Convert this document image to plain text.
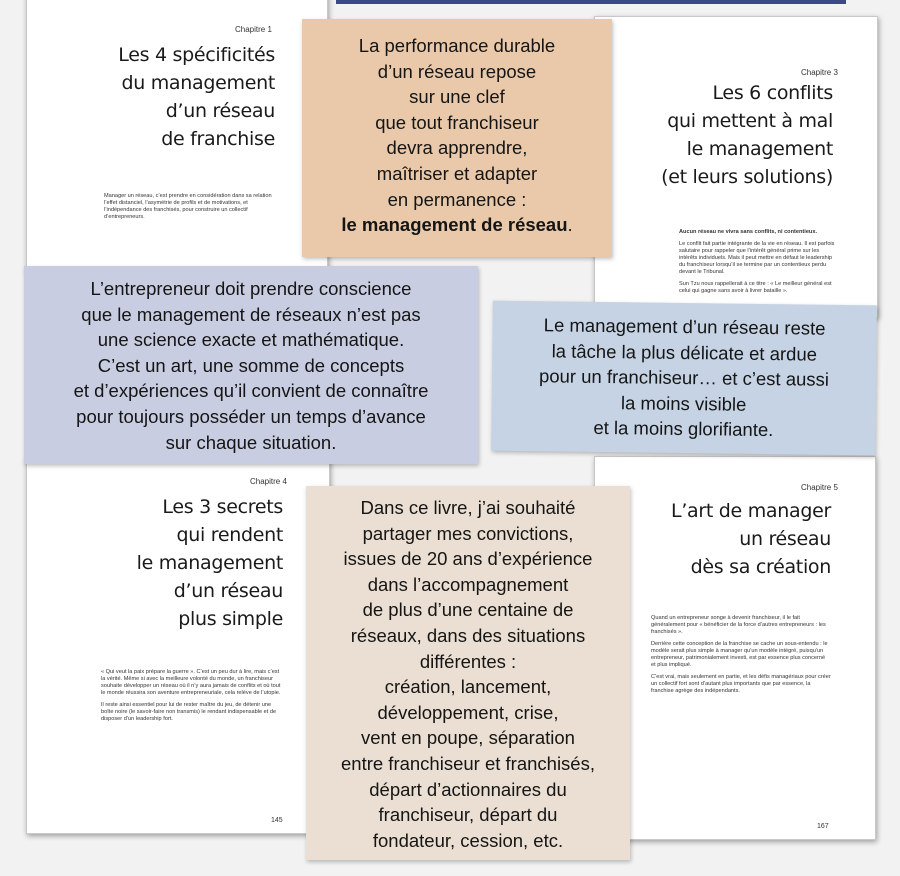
Chapitre 1
Les 4 spécificités
du management
d’un réseau
de franchise

Manager un réseau, c’est prendre en considération dans sa relation l’effet distanciel, l’asymétrie de profils et de motivations, et l’indépendance des franchisés, pour construire un collectif d’entrepreneurs.

Chapitre 3
Les 6 conflits
qui mettent à mal
le management
(et leurs solutions)

Aucun réseau ne vivra sans conflits, ni contentieux.

Le conflit fait partie intégrante de la vie en réseau. Il est parfois salutaire pour rappeler que l’intérêt général prime sur les intérêts individuels. Mais il peut mettre en défaut le leadership du franchiseur lorsqu’il se termine par un contentieux perdu devant le Tribunal.

Sun Tzu nous rappellerait à ce titre : « Le meilleur général est celui qui gagne sans avoir à livrer bataille ».

Chapitre 4
Les 3 secrets
qui rendent
le management
d’un réseau
plus simple

« Qui veut la paix prépare la guerre ». C’est un peu dur à lire, mais c’est la vérité. Même si avec la meilleure volonté du monde, un franchiseur souhaite développer un réseau où il n’y aura jamais de conflits et où tout le monde réussira son aventure entrepreneuriale, cela relève de l’utopie.

Il reste ainsi essentiel pour lui de rester maître du jeu, de détenir une boîte noire (le savoir-faire non transmis) le rendant indispensable et de disposer d’un leadership fort.

145
Chapitre 5
L’art de manager
un réseau
dès sa création

Quand un entrepreneur songe à devenir franchiseur, il le fait généralement pour « bénéficier de la force d’autres entrepreneurs : les franchisés ».

Derrière cette conception de la franchise se cache un sous-entendu : le modèle serait plus simple à manager qu’un modèle intégré, puisqu’un entrepreneur, patrimonialement investi, est par essence plus concerné et plus impliqué.

C’est vrai, mais seulement en partie, et les défis managériaux pour créer un collectif fort sont d’autant plus importants que par essence, la franchise agrège des indépendants.

167
La performance durable
d’un réseau repose
sur une clef
que tout franchiseur
devra apprendre,
maîtriser et adapter
en permanence :
le management de réseau.
L’entrepreneur doit prendre conscience
que le management de réseaux n’est pas
une science exacte et mathématique.
C’est un art, une somme de concepts
et d’expériences qu’il convient de connaître
pour toujours posséder un temps d’avance
sur chaque situation.
Le management d’un réseau reste
la tâche la plus délicate et ardue
pour un franchiseur… et c’est aussi
la moins visible
et la moins glorifiante.
Dans ce livre, j’ai souhaité
partager mes convictions,
issues de 20 ans d’expérience
dans l’accompagnement
de plus d’une centaine de
réseaux, dans des situations
différentes :
création, lancement,
développement, crise,
vent en poupe, séparation
entre franchiseur et franchisés,
départ d’actionnaires du
franchiseur, départ du
fondateur, cession, etc.
